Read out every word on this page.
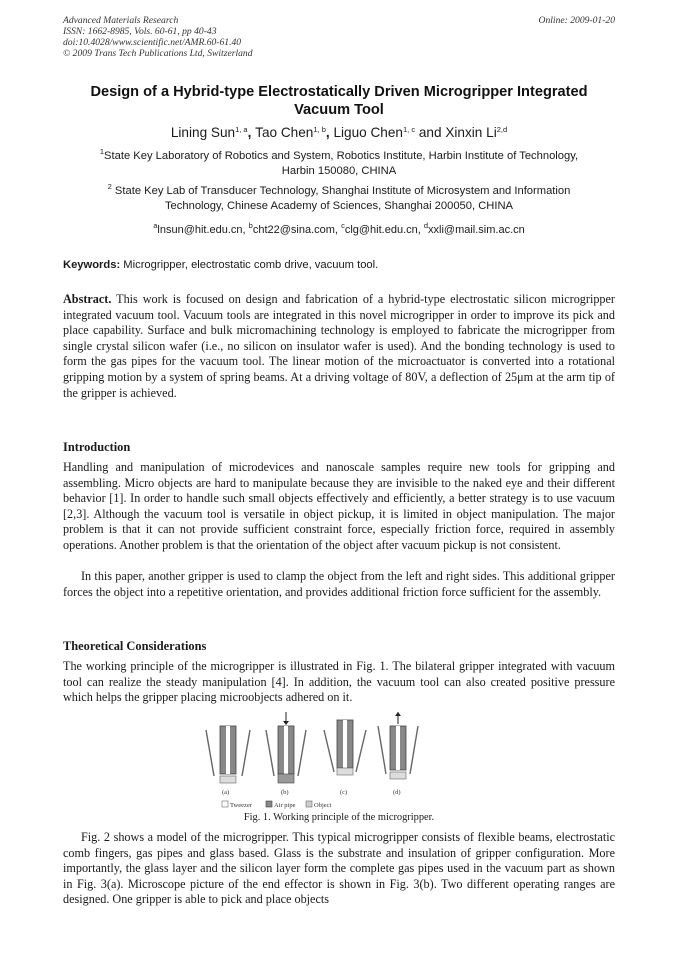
Advanced Materials Research
ISSN: 1662-8985, Vols. 60-61, pp 40-43
doi:10.4028/www.scientific.net/AMR.60-61.40
© 2009 Trans Tech Publications Ltd, Switzerland
Online: 2009-01-20
Design of a Hybrid-type Electrostatically Driven Microgripper Integrated
Vacuum Tool
Lining Sun$^{1, a}$, Tao Chen$^{1, b}$, Liguo Chen$^{1, c}$ and Xinxin Li$^{2,d}$
$^1$State Key Laboratory of Robotics and System, Robotics Institute, Harbin Institute of Technology,
Harbin 150080, CHINA
$^2$ State Key Lab of Transducer Technology, Shanghai Institute of Microsystem and Information
Technology, Chinese Academy of Sciences, Shanghai 200050, CHINA
$^a$lnsun@hit.edu.cn, $^b$cht22@sina.com, $^c$clg@hit.edu.cn, $^d$xxli@mail.sim.ac.cn
Keywords: Microgripper, electrostatic comb drive, vacuum tool.
Abstract. This work is focused on design and fabrication of a hybrid-type electrostatic silicon microgripper integrated vacuum tool. Vacuum tools are integrated in this novel microgripper in order to improve its pick and place capability. Surface and bulk micromachining technology is employed to fabricate the microgripper from single crystal silicon wafer (i.e., no silicon on insulator wafer is used). And the bonding technology is used to form the gas pipes for the vacuum tool. The linear motion of the microactuator is converted into a rotational gripping motion by a system of spring beams. At a driving voltage of 80V, a deflection of 25μm at the arm tip of the gripper is achieved.
Introduction
Handling and manipulation of microdevices and nanoscale samples require new tools for gripping and assembling. Micro objects are hard to manipulate because they are invisible to the naked eye and their different behavior [1]. In order to handle such small objects effectively and efficiently, a better strategy is to use vacuum [2,3]. Although the vacuum tool is versatile in object pickup, it is limited in object manipulation. The major problem is that it can not provide sufficient constraint force, especially friction force, required in assembly operations. Another problem is that the orientation of the object after vacuum pickup is not consistent.
In this paper, another gripper is used to clamp the object from the left and right sides. This additional gripper forces the object into a repetitive orientation, and provides additional friction force sufficient for the assembly.
Theoretical Considerations
The working principle of the microgripper is illustrated in Fig. 1. The bilateral gripper integrated with vacuum tool can realize the steady manipulation [4]. In addition, the vacuum tool can also created positive pressure which helps the gripper placing microobjects adhered on it.
(a)	(b)	(c)	(d)
Tweezer	Air pipe	Object
Fig. 1. Working principle of the microgripper.
Fig. 2 shows a model of the microgripper. This typical microgripper consists of flexible beams, electrostatic comb fingers, gas pipes and glass based. Glass is the substrate and insulation of gripper configuration. More importantly, the glass layer and the silicon layer form the complete gas pipes used in the vacuum part as shown in Fig. 3(a). Microscope picture of the end effector is shown in Fig. 3(b). Two different operating ranges are designed. One gripper is able to pick and place objects
